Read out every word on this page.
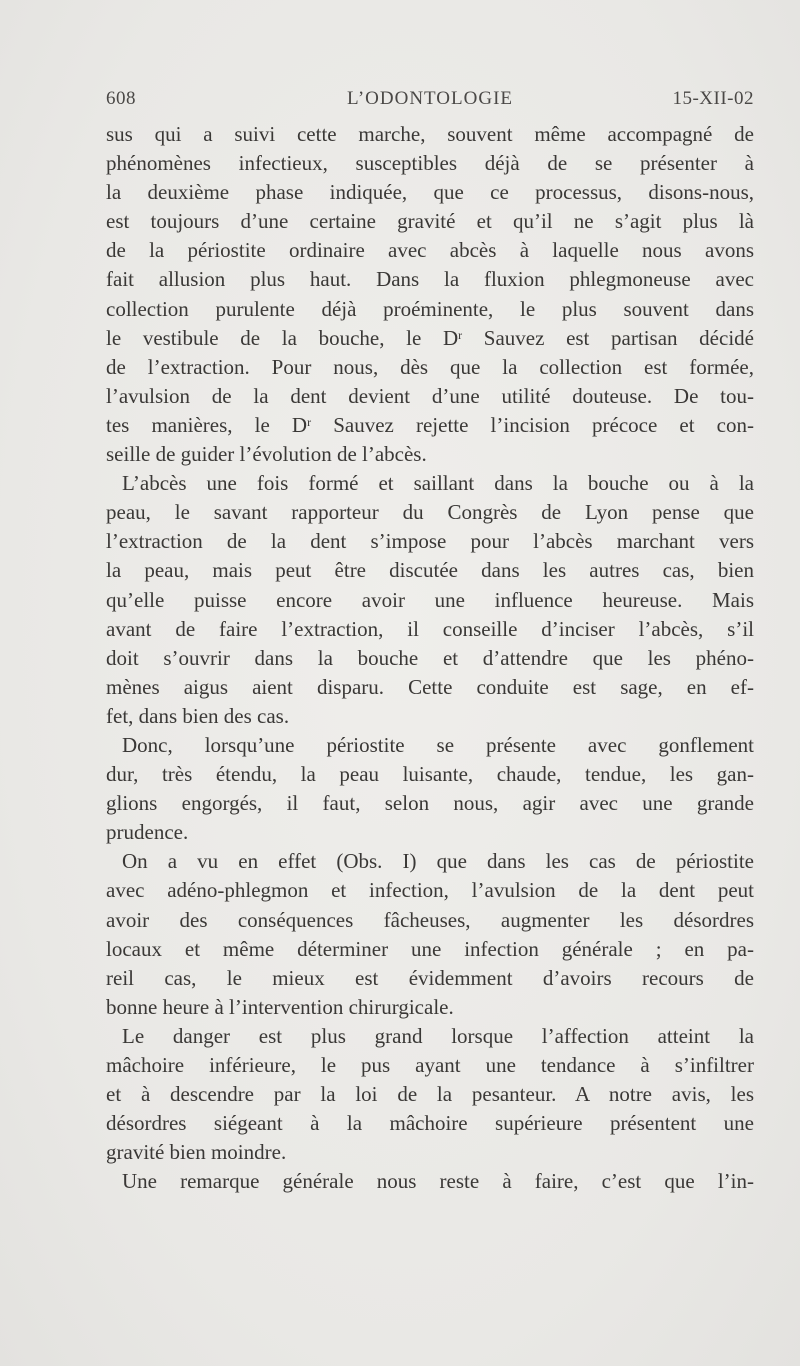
608	L’ODONTOLOGIE	15-XII-02
sus qui a suivi cette marche, souvent même accompagné de
phénomènes infectieux, susceptibles déjà de se présenter à
la deuxième phase indiquée, que ce processus, disons-nous,
est toujours d’une certaine gravité et qu’il ne s’agit plus là
de la périostite ordinaire avec abcès à laquelle nous avons
fait allusion plus haut. Dans la fluxion phlegmoneuse avec
collection purulente déjà proéminente, le plus souvent dans
le vestibule de la bouche, le $D^r$ Sauvez est partisan décidé
de l’extraction. Pour nous, dès que la collection est formée,
l’avulsion de la dent devient d’une utilité douteuse. De tou-
tes manières, le $D^r$ Sauvez rejette l’incision précoce et con-
seille de guider l’évolution de l’abcès.
L’abcès une fois formé et saillant dans la bouche ou à la
peau, le savant rapporteur du Congrès de Lyon pense que
l’extraction de la dent s’impose pour l’abcès marchant vers
la peau, mais peut être discutée dans les autres cas, bien
qu’elle puisse encore avoir une influence heureuse. Mais
avant de faire l’extraction, il conseille d’inciser l’abcès, s’il
doit s’ouvrir dans la bouche et d’attendre que les phéno-
mènes aigus aient disparu. Cette conduite est sage, en ef-
fet, dans bien des cas.
Donc, lorsqu’une périostite se présente avec gonflement
dur, très étendu, la peau luisante, chaude, tendue, les gan-
glions engorgés, il faut, selon nous, agir avec une grande
prudence.
On a vu en effet (Obs. I) que dans les cas de périostite
avec adéno-phlegmon et infection, l’avulsion de la dent peut
avoir des conséquences fâcheuses, augmenter les désordres
locaux et même déterminer une infection générale ; en pa-
reil cas, le mieux est évidemment d’avoirs recours de
bonne heure à l’intervention chirurgicale.
Le danger est plus grand lorsque l’affection atteint la
mâchoire inférieure, le pus ayant une tendance à s’infiltrer
et à descendre par la loi de la pesanteur. A notre avis, les
désordres siégeant à la mâchoire supérieure présentent une
gravité bien moindre.
Une remarque générale nous reste à faire, c’est que l’in-
